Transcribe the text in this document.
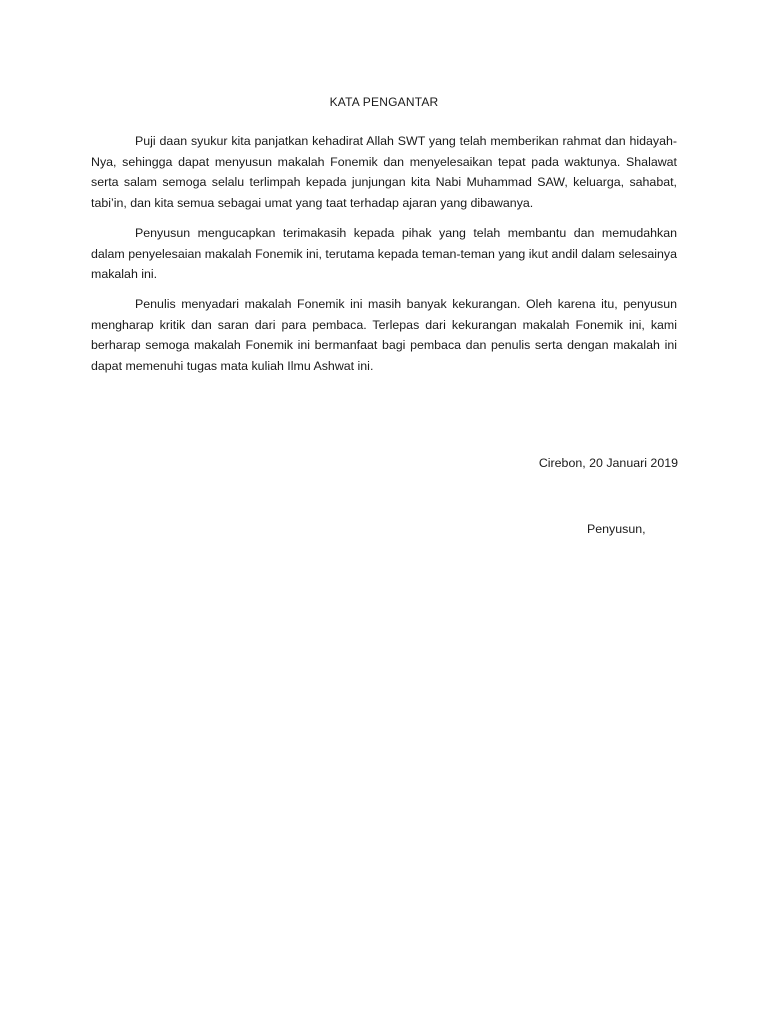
KATA PENGANTAR

Puji daan syukur kita panjatkan kehadirat Allah SWT yang telah memberikan rahmat dan hidayah-Nya, sehingga dapat menyusun makalah Fonemik dan menyelesaikan tepat pada waktunya. Shalawat serta salam semoga selalu terlimpah kepada junjungan kita Nabi Muhammad SAW, keluarga, sahabat, tabi’in, dan kita semua sebagai umat yang taat terhadap ajaran yang dibawanya.

Penyusun mengucapkan terimakasih kepada pihak yang telah membantu dan memudahkan dalam penyelesaian makalah Fonemik ini, terutama kepada teman-teman yang ikut andil dalam selesainya makalah ini.

Penulis menyadari makalah Fonemik ini masih banyak kekurangan. Oleh karena itu, penyusun mengharap kritik dan saran dari para pembaca. Terlepas dari kekurangan makalah Fonemik ini, kami berharap semoga makalah Fonemik ini bermanfaat bagi pembaca dan penulis serta dengan makalah ini dapat memenuhi tugas mata kuliah Ilmu Ashwat ini.

Cirebon, 20 Januari 2019
Penyusun,
